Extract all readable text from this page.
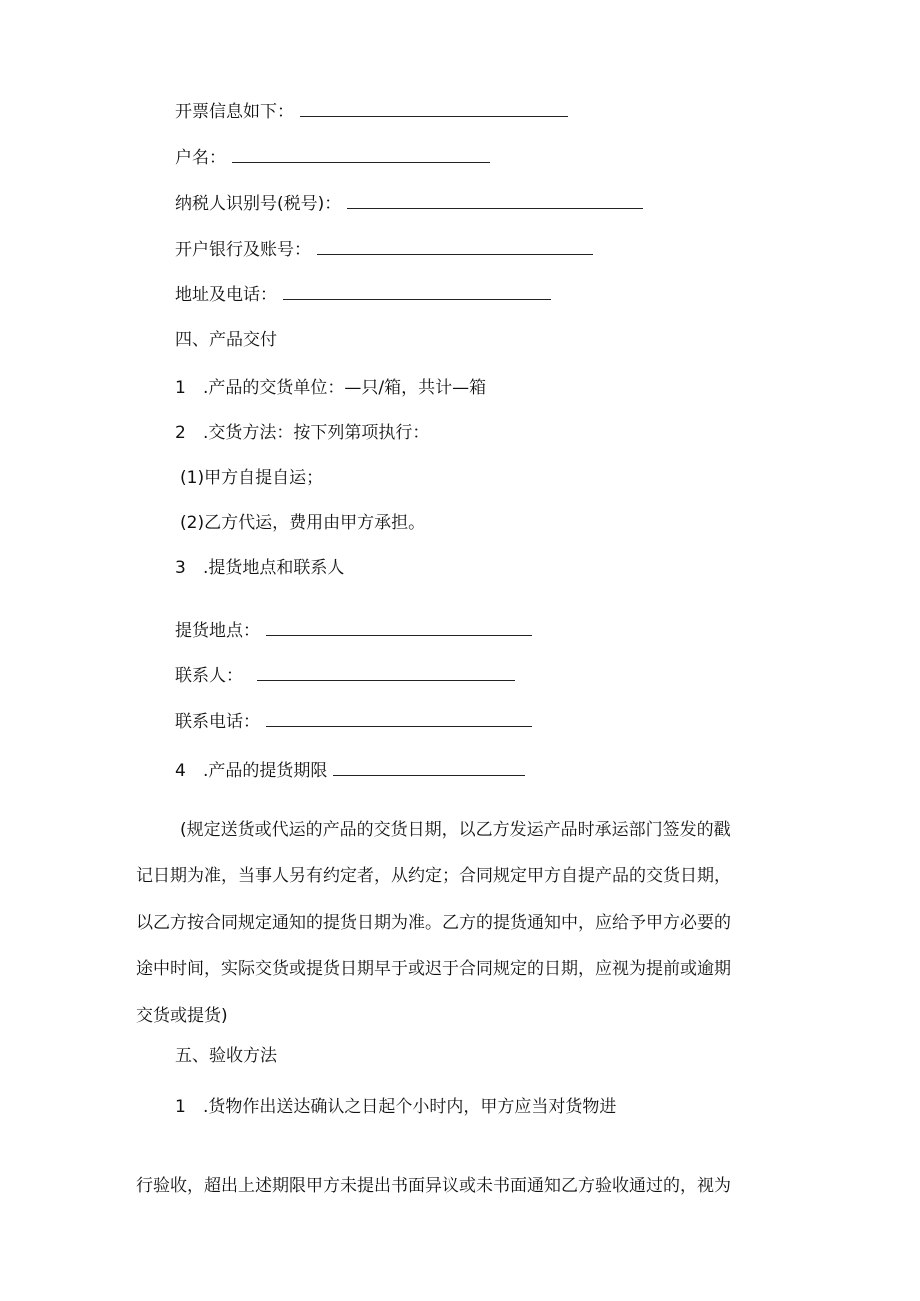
开票信息如下：
户名：
纳税人识别号(税号)：
开户银行及账号：
地址及电话：
四、产品交付
1 .产品的交货单位：—只/箱，共计—箱
2 .交货方法：按下列第项执行：
(1)甲方自提自运；
(2)乙方代运，费用由甲方承担。
3 .提货地点和联系人
提货地点：
联系人：
联系电话：
4 .产品的提货期限
(规定送货或代运的产品的交货日期，以乙方发运产品时承运部门签发的戳
记日期为准，当事人另有约定者，从约定；合同规定甲方自提产品的交货日期，
以乙方按合同规定通知的提货日期为准。乙方的提货通知中，应给予甲方必要的
途中时间，实际交货或提货日期早于或迟于合同规定的日期，应视为提前或逾期
交货或提货)
五、验收方法
1 .货物作出送达确认之日起个小时内，甲方应当对货物进
行验收，超出上述期限甲方未提出书面异议或未书面通知乙方验收通过的，视为
